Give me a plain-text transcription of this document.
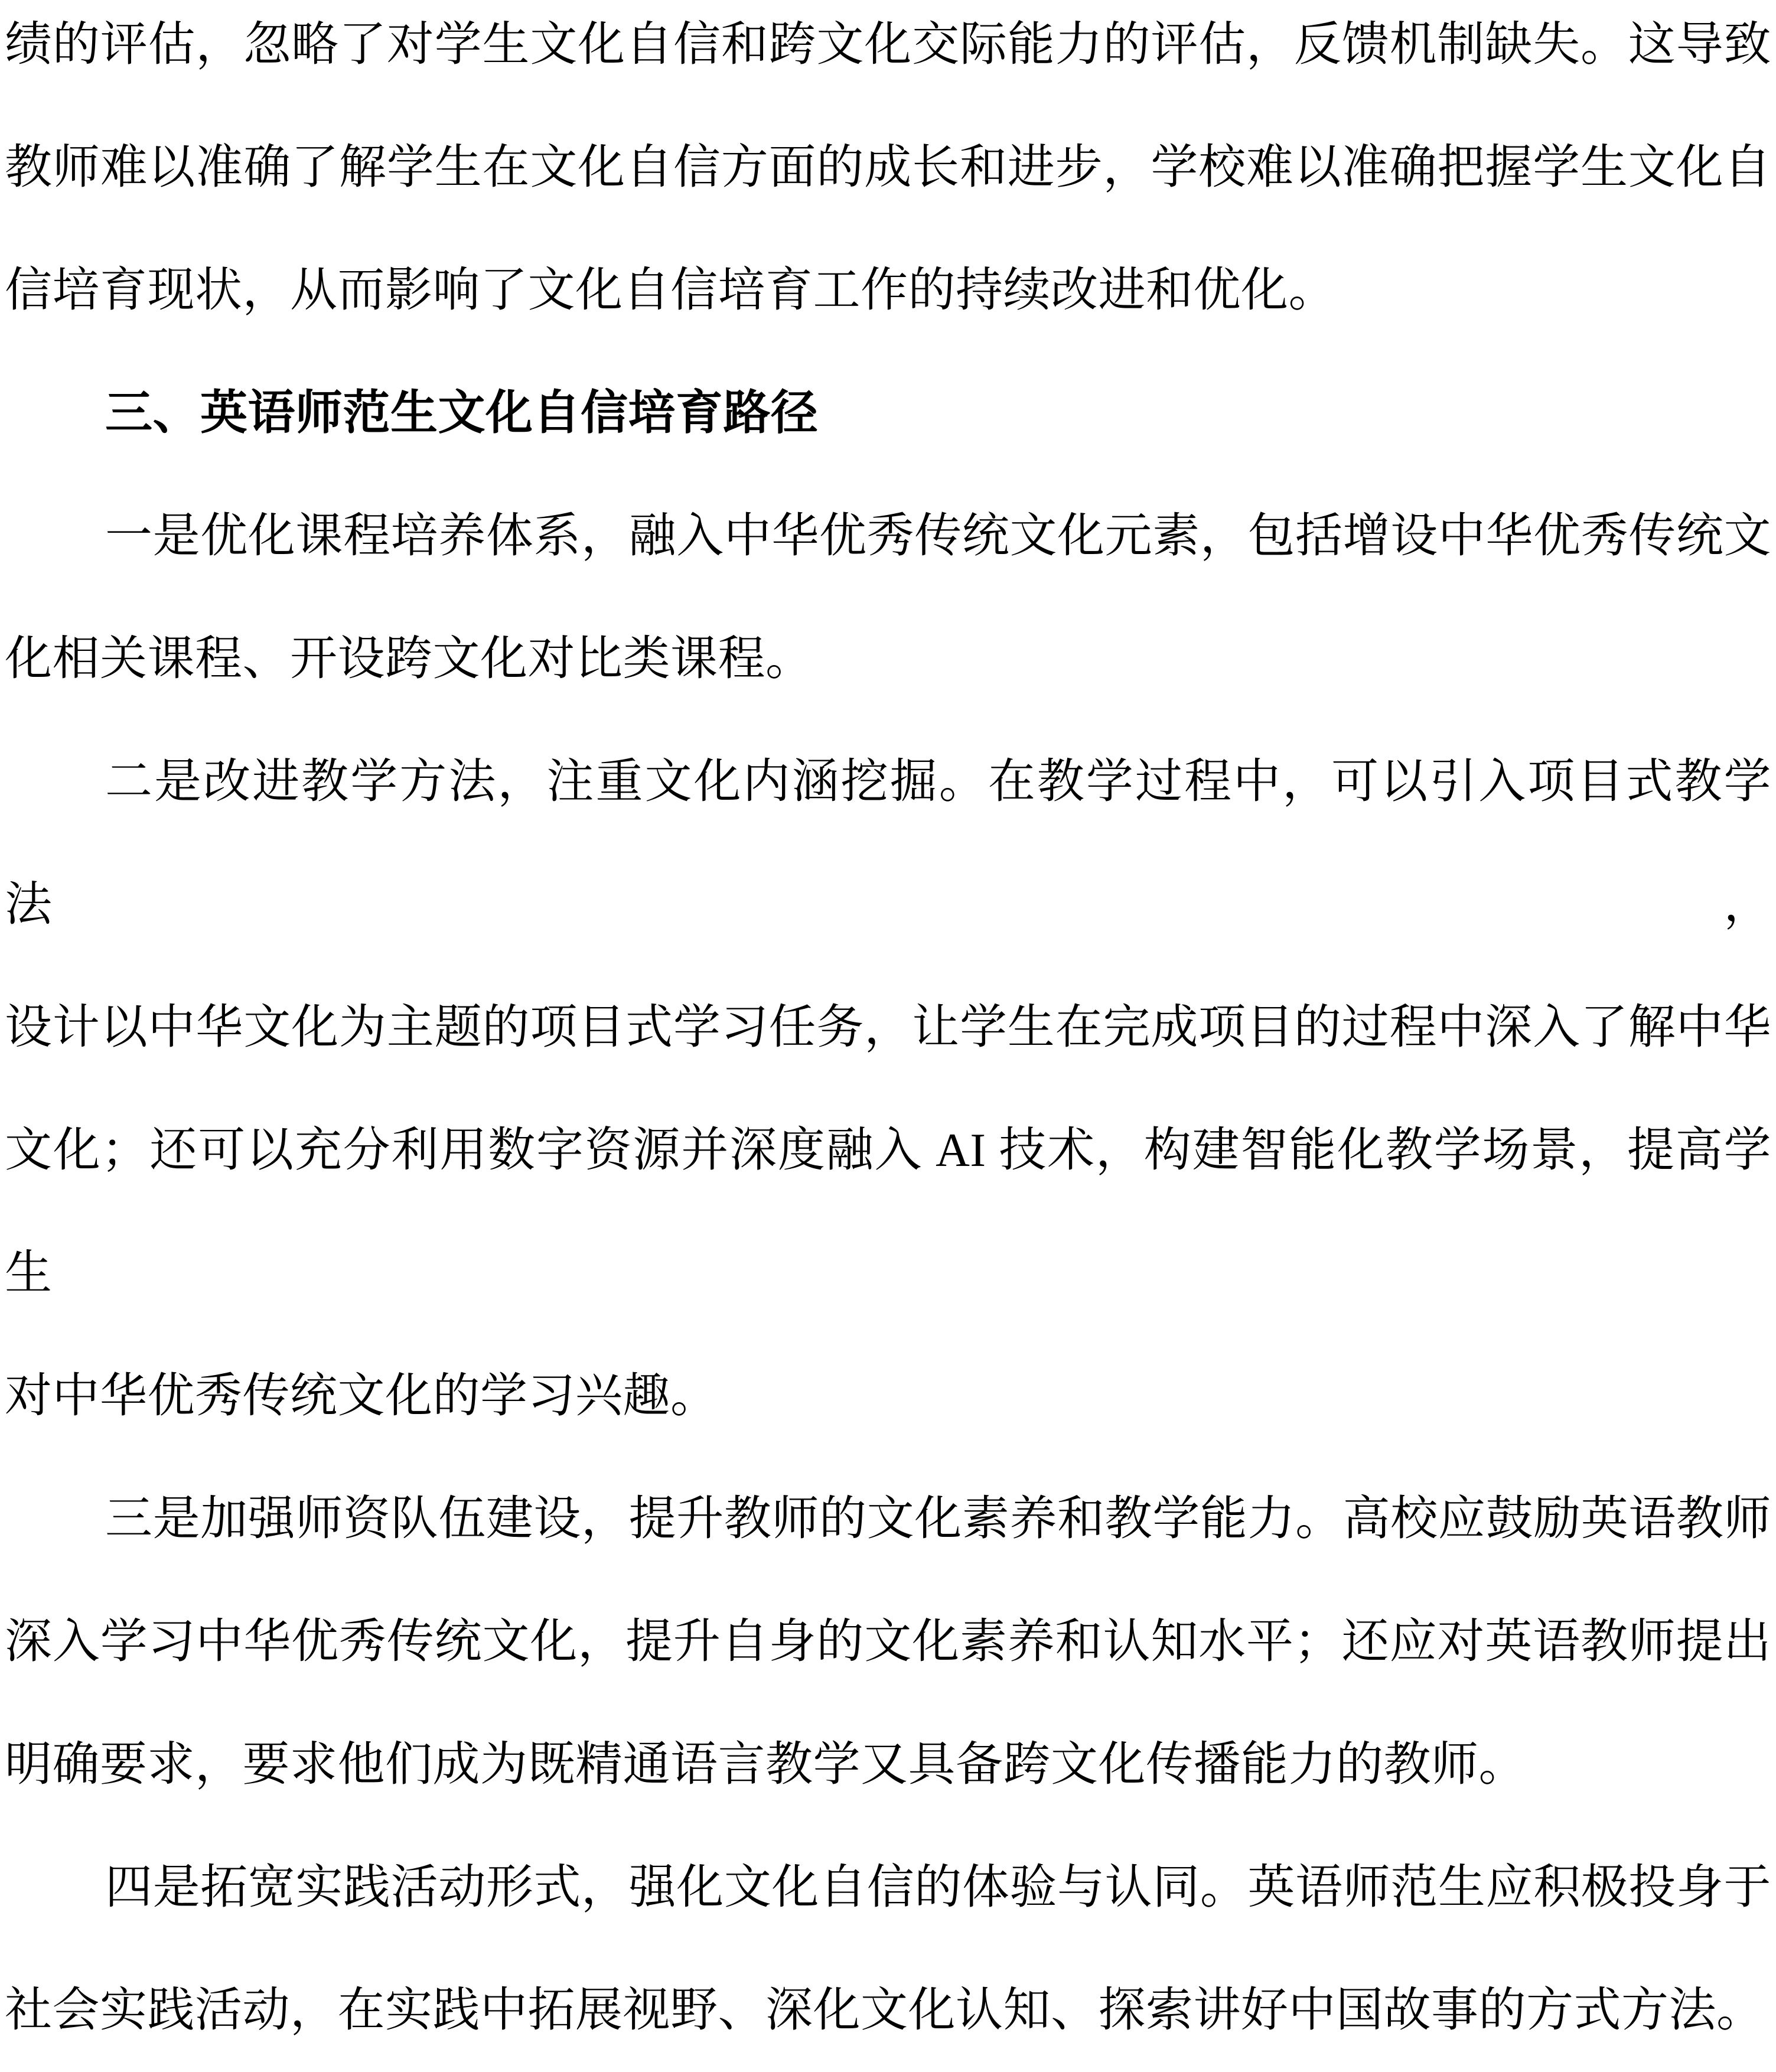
绩的评估，忽略了对学生文化自信和跨文化交际能力的评估，反馈机制缺失。这导致
教师难以准确了解学生在文化自信方面的成长和进步，学校难以准确把握学生文化自
信培育现状，从而影响了文化自信培育工作的持续改进和优化。
三、英语师范生文化自信培育路径
一是优化课程培养体系，融入中华优秀传统文化元素，包括增设中华优秀传统文
化相关课程、开设跨文化对比类课程。
二是改进教学方法，注重文化内涵挖掘。在教学过程中，可以引入项目式教学法，
设计以中华文化为主题的项目式学习任务，让学生在完成项目的过程中深入了解中华
文化；还可以充分利用数字资源并深度融入 AI 技术，构建智能化教学场景，提高学生
对中华优秀传统文化的学习兴趣。
三是加强师资队伍建设，提升教师的文化素养和教学能力。高校应鼓励英语教师
深入学习中华优秀传统文化，提升自身的文化素养和认知水平；还应对英语教师提出
明确要求，要求他们成为既精通语言教学又具备跨文化传播能力的教师。
四是拓宽实践活动形式，强化文化自信的体验与认同。英语师范生应积极投身于
社会实践活动，在实践中拓展视野、深化文化认知、探索讲好中国故事的方式方法。
